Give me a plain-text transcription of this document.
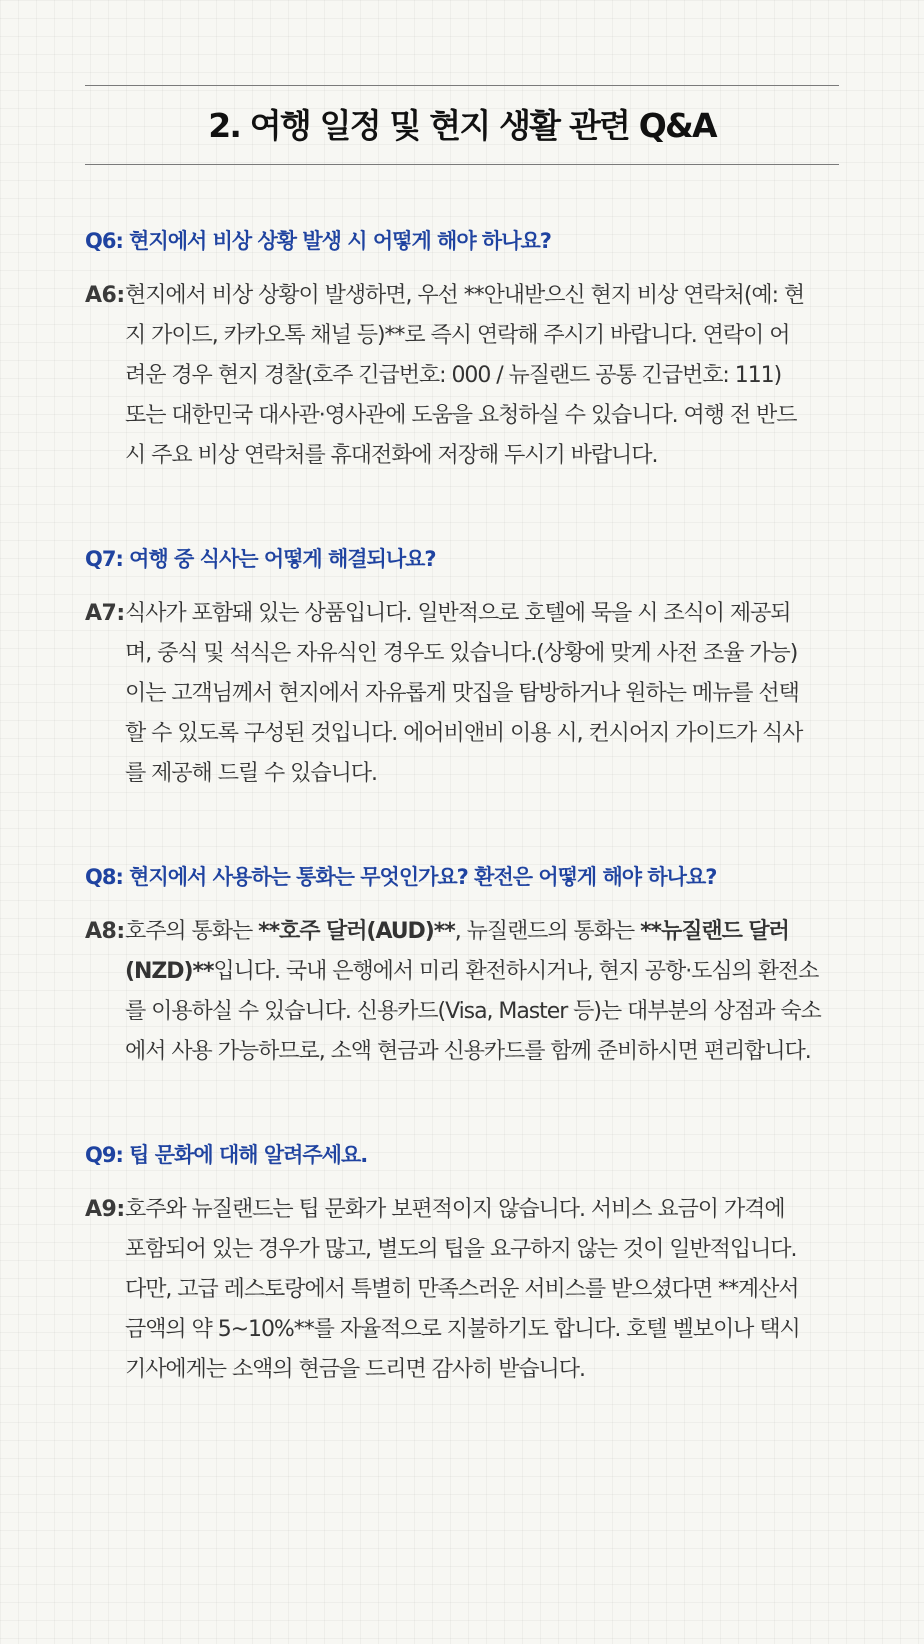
2. 여행 일정 및 현지 생활 관련 Q&A

Q6: 현지에서 비상 상황 발생 시 어떻게 해야 하나요?

A6: 현지에서 비상 상황이 발생하면, 우선 **안내받으신 현지 비상 연락처(예: 현
지 가이드, 카카오톡 채널 등)**로 즉시 연락해 주시기 바랍니다. 연락이 어
려운 경우 현지 경찰(호주 긴급번호: 000 / 뉴질랜드 공통 긴급번호: 111)
또는 대한민국 대사관·영사관에 도움을 요청하실 수 있습니다. 여행 전 반드
시 주요 비상 연락처를 휴대전화에 저장해 두시기 바랍니다.

Q7: 여행 중 식사는 어떻게 해결되나요?

A7: 식사가 포함돼 있는 상품입니다. 일반적으로 호텔에 묵을 시 조식이 제공되
며, 중식 및 석식은 자유식인 경우도 있습니다.(상황에 맞게 사전 조율 가능)
이는 고객님께서 현지에서 자유롭게 맛집을 탐방하거나 원하는 메뉴를 선택
할 수 있도록 구성된 것입니다. 에어비앤비 이용 시, 컨시어지 가이드가 식사
를 제공해 드릴 수 있습니다.

Q8: 현지에서 사용하는 통화는 무엇인가요? 환전은 어떻게 해야 하나요?

A8: 호주의 통화는 **호주 달러(AUD)**, 뉴질랜드의 통화는 **뉴질랜드 달러
(NZD)**입니다. 국내 은행에서 미리 환전하시거나, 현지 공항·도심의 환전소
를 이용하실 수 있습니다. 신용카드(Visa, Master 등)는 대부분의 상점과 숙소
에서 사용 가능하므로, 소액 현금과 신용카드를 함께 준비하시면 편리합니다.

Q9: 팁 문화에 대해 알려주세요.

A9: 호주와 뉴질랜드는 팁 문화가 보편적이지 않습니다. 서비스 요금이 가격에
포함되어 있는 경우가 많고, 별도의 팁을 요구하지 않는 것이 일반적입니다.
다만, 고급 레스토랑에서 특별히 만족스러운 서비스를 받으셨다면 **계산서
금액의 약 5~10%**를 자율적으로 지불하기도 합니다. 호텔 벨보이나 택시
기사에게는 소액의 현금을 드리면 감사히 받습니다.
